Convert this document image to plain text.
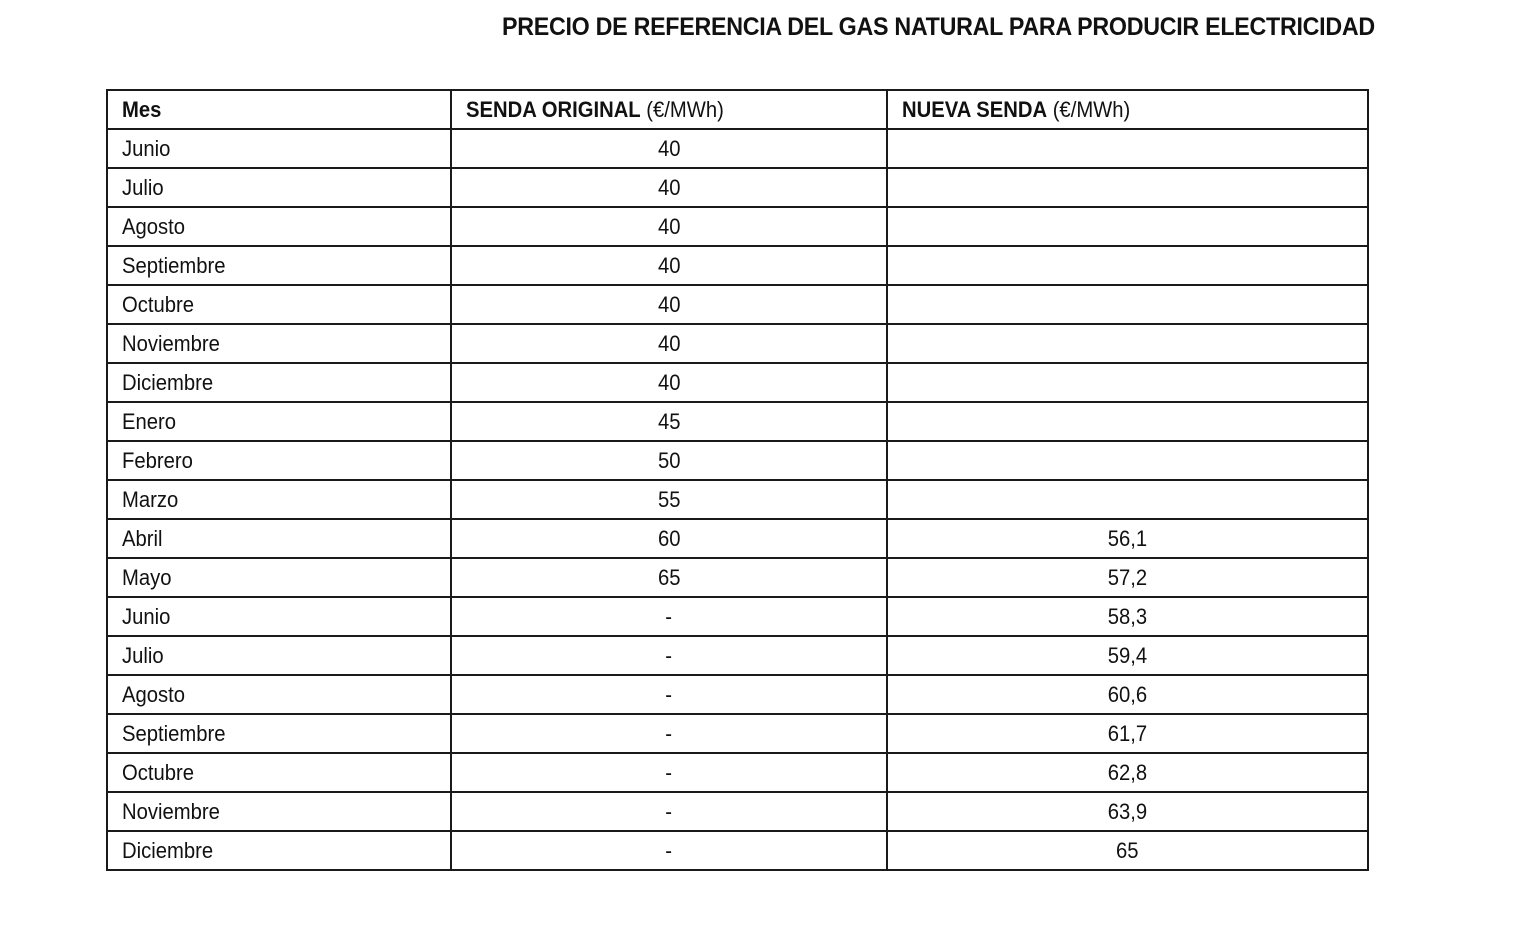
PRECIO DE REFERENCIA DEL GAS NATURAL PARA PRODUCIR ELECTRICIDAD
Mes	SENDA ORIGINAL (€/MWh)	NUEVA SENDA (€/MWh)
Junio	40	
Julio	40	
Agosto	40	
Septiembre	40	
Octubre	40	
Noviembre	40	
Diciembre	40	
Enero	45	
Febrero	50	
Marzo	55	
Abril	60	56,1
Mayo	65	57,2
Junio	-	58,3
Julio	-	59,4
Agosto	-	60,6
Septiembre	-	61,7
Octubre	-	62,8
Noviembre	-	63,9
Diciembre	-	65
